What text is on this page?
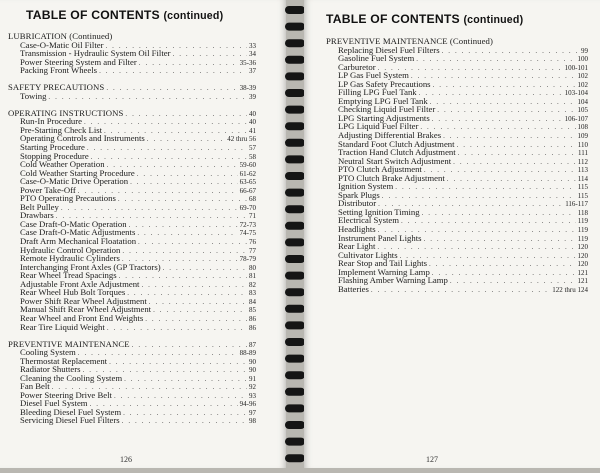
TABLE OF CONTENTS (continued)
LUBRICATION (Continued)
Case-O-Matic Oil Filter . . .	33
Transmission - Hydraulic System Oil Filter . . .	34
Power Steering System and Filter . . .	35-36
Packing Front Wheels . . .	37
SAFETY PRECAUTIONS . . .	38-39
Towing . . .	39
OPERATING INSTRUCTIONS . . .	40
Run-In Procedure . . .	40
Pre-Starting Check List . . .	41
Operating Controls and Instruments . . .	42 thru 56
Starting Procedure . . .	57
Stopping Procedure . . .	58
Cold Weather Operation . . .	59-60
Cold Weather Starting Procedure . . .	61-62
Case-O-Matic Drive Operation . . .	63-65
Power Take-Off . . .	66-67
PTO Operating Precautions . . .	68
Belt Pulley . . .	69-70
Drawbars . . .	71
Case Draft-O-Matic Operation . . .	72-73
Case Draft-O-Matic Adjustments . . .	74-75
Draft Arm Mechanical Floatation . . .	76
Hydraulic Control Operation . . .	77
Remote Hydraulic Cylinders . . .	78-79
Interchanging Front Axles (GP Tractors) . . .	80
Rear Wheel Tread Spacings . . .	81
Adjustable Front Axle Adjustment . . .	82
Rear Wheel Hub Bolt Torques . . .	83
Power Shift Rear Wheel Adjustment . . .	84
Manual Shift Rear Wheel Adjustment . . .	85
Rear Wheel and Front End Weights . . .	86
Rear Tire Liquid Weight . . .	86
PREVENTIVE MAINTENANCE . . .	87
Cooling System . . .	88-89
Thermostat Replacement . . .	90
Radiator Shutters . . .	90
Cleaning the Cooling System . . .	91
Fan Belt . . .	92
Power Steering Drive Belt . . .	93
Diesel Fuel System . . .	94-96
Bleeding Diesel Fuel System . . .	97
Servicing Diesel Fuel Filters . . .	98
126
TABLE OF CONTENTS (continued)
PREVENTIVE MAINTENANCE (Continued)
Replacing Diesel Fuel Filters . . .	99
Gasoline Fuel System . . .	100
Carburetor . . .	100-101
LP Gas Fuel System . . .	102
LP Gas Safety Precautions . . .	102
Filling LPG Fuel Tank . . .	103-104
Emptying LPG Fuel Tank . . .	104
Checking Liquid Fuel Filter . . .	105
LPG Starting Adjustments . . .	106-107
LPG Liquid Fuel Filter . . .	108
Adjusting Differential Brakes . . .	109
Standard Foot Clutch Adjustment . . .	110
Traction Hand Clutch Adjustment . . .	111
Neutral Start Switch Adjustment . . .	112
PTO Clutch Adjustment . . .	113
PTO Clutch Brake Adjustment . . .	114
Ignition System . . .	115
Spark Plugs . . .	115
Distributor . . .	116-117
Setting Ignition Timing . . .	118
Electrical System . . .	119
Headlights . . .	119
Instrument Panel Lights . . .	119
Rear Light . . .	120
Cultivator Lights . . .	120
Rear Stop and Tail Lights . . .	120
Implement Warning Lamp . . .	121
Flashing Amber Warning Lamp . . .	121
Batteries . . .	122 thru 124
127
